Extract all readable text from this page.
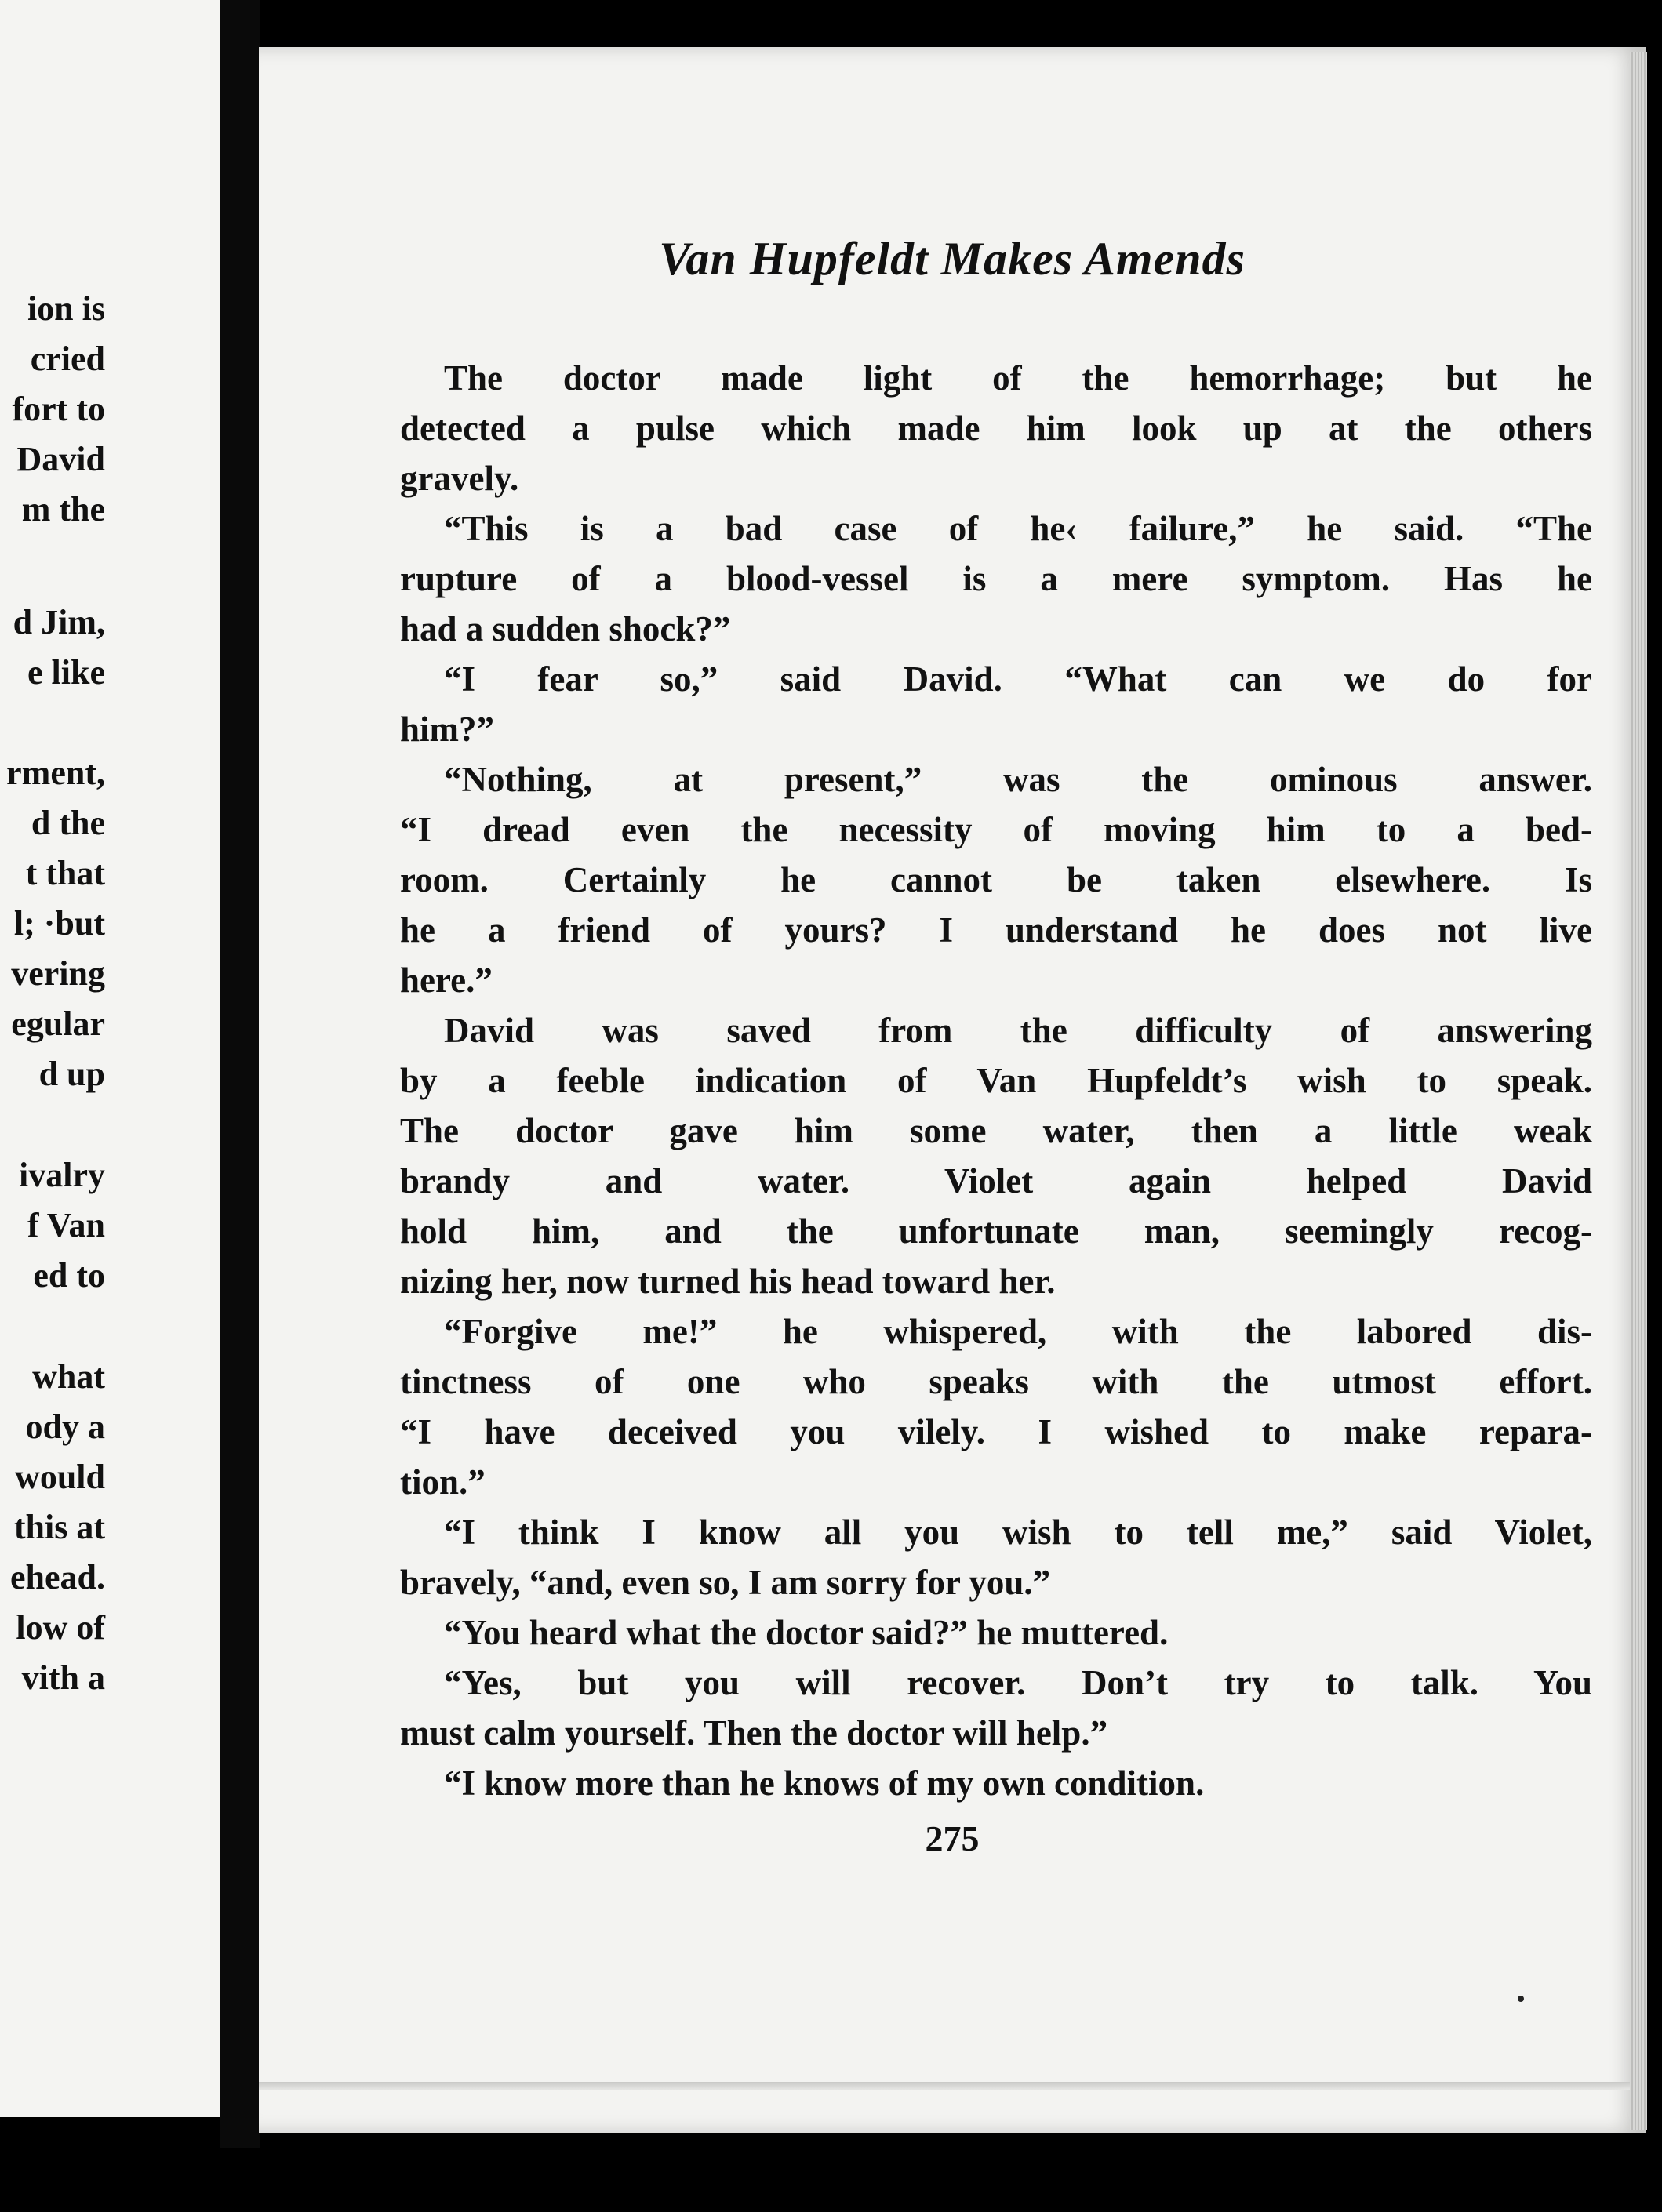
ion is
cried
fort to
David
m the
d Jim,
e like
rment,
d the
t that
l; ·but
vering
egular
d up
ivalry
f Van
ed to
what
ody a
would
this at
ehead.
low of
vith a
Van Hupfeldt Makes Amends
The doctor made light of the hemorrhage; but he
detected a pulse which made him look up at the others
gravely.
“This is a bad case of he‹ failure,” he said. “The
rupture of a blood-vessel is a mere symptom. Has he
had a sudden shock?”
“I fear so,” said David. “What can we do for
him?”
“Nothing, at present,” was the ominous answer.
“I dread even the necessity of moving him to a bed-
room. Certainly he cannot be taken elsewhere. Is
he a friend of yours? I understand he does not live
here.”
David was saved from the difficulty of answering
by a feeble indication of Van Hupfeldt’s wish to speak.
The doctor gave him some water, then a little weak
brandy and water. Violet again helped David
hold him, and the unfortunate man, seemingly recog-
nizing her, now turned his head toward her.
“Forgive me!” he whispered, with the labored dis-
tinctness of one who speaks with the utmost effort.
“I have deceived you vilely. I wished to make repara-
tion.”
“I think I know all you wish to tell me,” said Violet,
bravely, “and, even so, I am sorry for you.”
“You heard what the doctor said?” he muttered.
“Yes, but you will recover. Don’t try to talk. You
must calm yourself. Then the doctor will help.”
“I know more than he knows of my own condition.
275
